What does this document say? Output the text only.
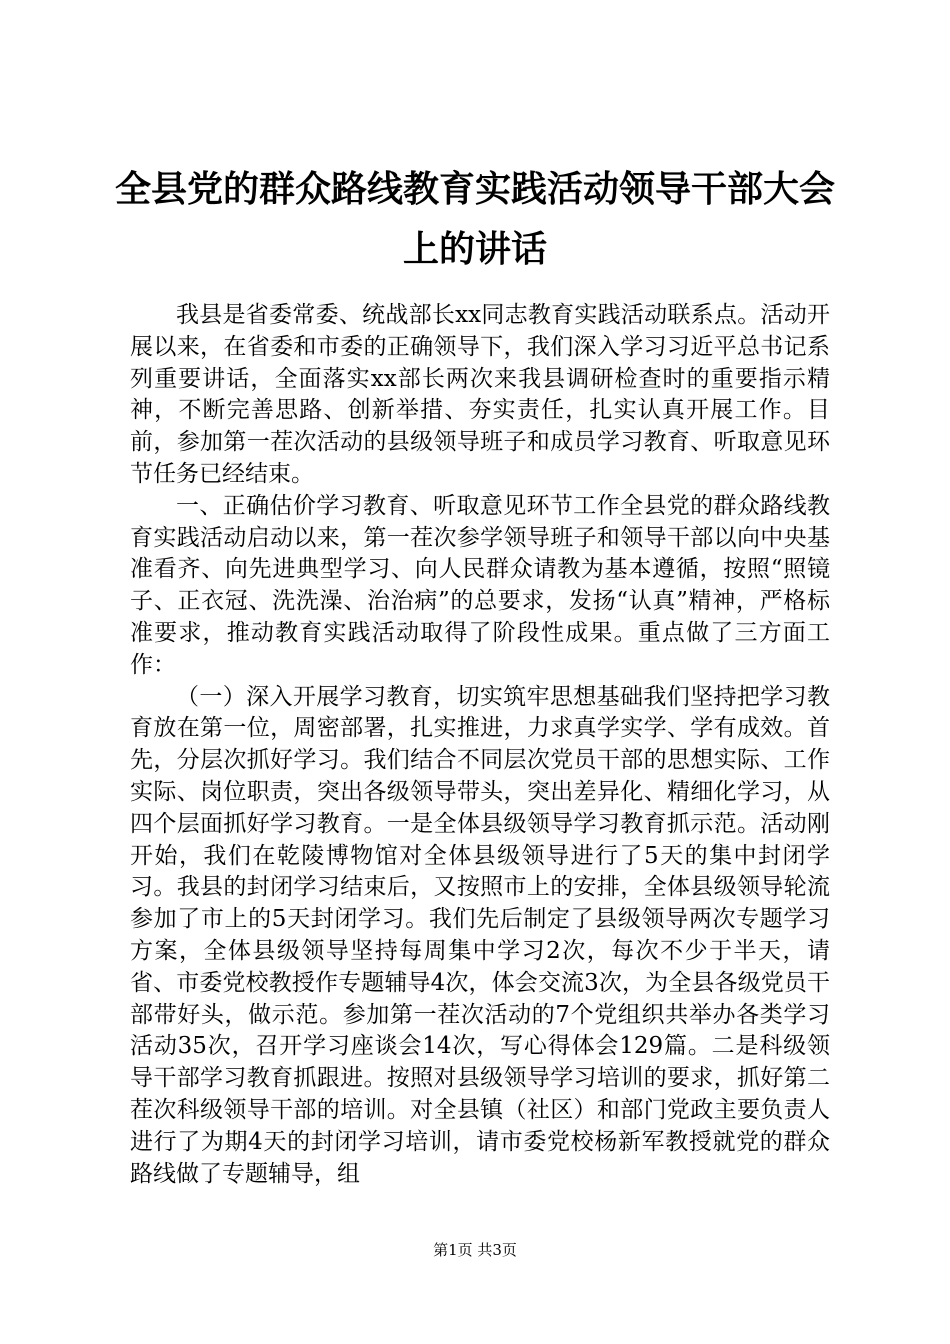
全县党的群众路线教育实践活动领导干部大会
上的讲话

我县是省委常委、统战部长xx同志教育实践活动联系点。活动开展以来，在省委和市委的正确领导下，我们深入学习习近平总书记系列重要讲话，全面落实xx部长两次来我县调研检查时的重要指示精神，不断完善思路、创新举措、夯实责任，扎实认真开展工作。目前，参加第一茬次活动的县级领导班子和成员学习教育、听取意见环节任务已经结束。

一、正确估价学习教育、听取意见环节工作全县党的群众路线教育实践活动启动以来，第一茬次参学领导班子和领导干部以向中央基准看齐、向先进典型学习、向人民群众请教为基本遵循，按照“照镜子、正衣冠、洗洗澡、治治病”的总要求，发扬“认真”精神，严格标准要求，推动教育实践活动取得了阶段性成果。重点做了三方面工作：

（一）深入开展学习教育，切实筑牢思想基础我们坚持把学习教育放在第一位，周密部署，扎实推进，力求真学实学、学有成效。首先，分层次抓好学习。我们结合不同层次党员干部的思想实际、工作实际、岗位职责，突出各级领导带头，突出差异化、精细化学习，从四个层面抓好学习教育。一是全体县级领导学习教育抓示范。活动刚开始，我们在乾陵博物馆对全体县级领导进行了5天的集中封闭学习。我县的封闭学习结束后，又按照市上的安排，全体县级领导轮流参加了市上的5天封闭学习。我们先后制定了县级领导两次专题学习方案，全体县级领导坚持每周集中学习2次，每次不少于半天，请省、市委党校教授作专题辅导4次，体会交流3次，为全县各级党员干部带好头，做示范。参加第一茬次活动的7个党组织共举办各类学习活动35次，召开学习座谈会14次，写心得体会129篇。二是科级领导干部学习教育抓跟进。按照对县级领导学习培训的要求，抓好第二茬次科级领导干部的培训。对全县镇（社区）和部门党政主要负责人进行了为期4天的封闭学习培训，请市委党校杨新军教授就党的群众路线做了专题辅导，组

第1页 共3页
